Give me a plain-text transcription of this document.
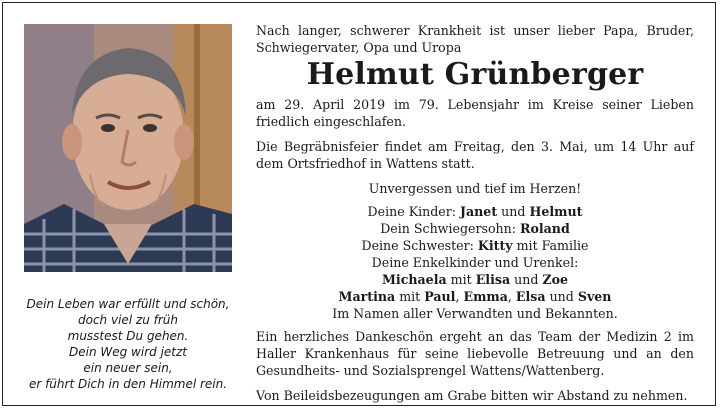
Dein Leben war erfüllt und schön,
doch viel zu früh
musstest Du gehen.
Dein Weg wird jetzt
ein neuer sein,
er führt Dich in den Himmel rein.
Nach langer, schwerer Krankheit ist unser lieber Papa, Bruder, Schwiegervater, Opa und Uropa
Helmut Grünberger
am 29. April 2019 im 79. Lebensjahr im Kreise seiner Lieben friedlich eingeschlafen.
Die Begräbnisfeier findet am Freitag, den 3. Mai, um 14 Uhr auf dem Ortsfriedhof in Wattens statt.
Unvergessen und tief im Herzen!
Deine Kinder: Janet und Helmut
Dein Schwiegersohn: Roland
Deine Schwester: Kitty mit Familie
Deine Enkelkinder und Urenkel:
Michaela mit Elisa und Zoe
Martina mit Paul, Emma, Elsa und Sven
Im Namen aller Verwandten und Bekannten.
Ein herzliches Dankeschön ergeht an das Team der Medizin 2 im Haller Krankenhaus für seine liebevolle Betreuung und an den Gesundheits- und Sozialsprengel Wattens/Wattenberg.
Von Beileidsbezeugungen am Grabe bitten wir Abstand zu nehmen.
